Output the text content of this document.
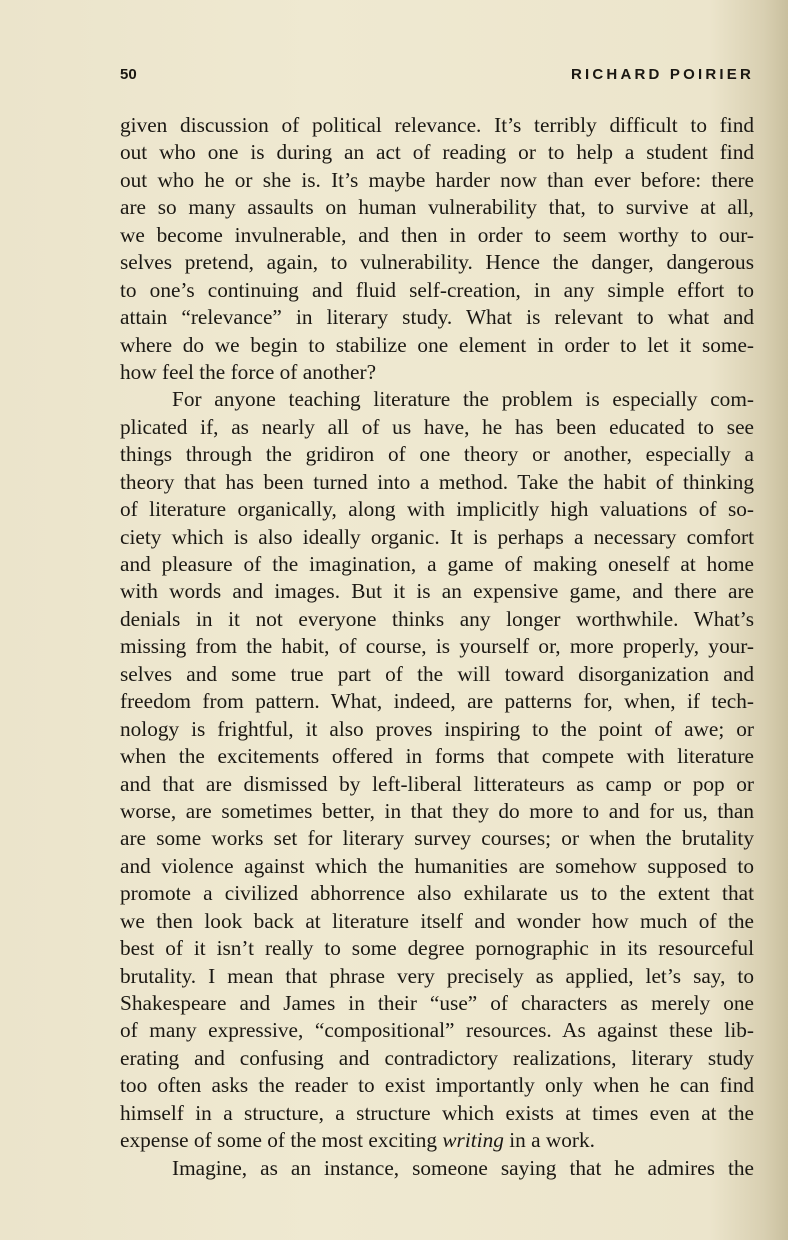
50	RICHARD POIRIER
given discussion of political relevance. It’s terribly difficult to find
out who one is during an act of reading or to help a student find
out who he or she is. It’s maybe harder now than ever before: there
are so many assaults on human vulnerability that, to survive at all,
we become invulnerable, and then in order to seem worthy to our-
selves pretend, again, to vulnerability. Hence the danger, dangerous
to one’s continuing and fluid self-creation, in any simple effort to
attain “relevance” in literary study. What is relevant to what and
where do we begin to stabilize one element in order to let it some-
how feel the force of another?
For anyone teaching literature the problem is especially com-
plicated if, as nearly all of us have, he has been educated to see
things through the gridiron of one theory or another, especially a
theory that has been turned into a method. Take the habit of thinking
of literature organically, along with implicitly high valuations of so-
ciety which is also ideally organic. It is perhaps a necessary comfort
and pleasure of the imagination, a game of making oneself at home
with words and images. But it is an expensive game, and there are
denials in it not everyone thinks any longer worthwhile. What’s
missing from the habit, of course, is yourself or, more properly, your-
selves and some true part of the will toward disorganization and
freedom from pattern. What, indeed, are patterns for, when, if tech-
nology is frightful, it also proves inspiring to the point of awe; or
when the excitements offered in forms that compete with literature
and that are dismissed by left-liberal litterateurs as camp or pop or
worse, are sometimes better, in that they do more to and for us, than
are some works set for literary survey courses; or when the brutality
and violence against which the humanities are somehow supposed to
promote a civilized abhorrence also exhilarate us to the extent that
we then look back at literature itself and wonder how much of the
best of it isn’t really to some degree pornographic in its resourceful
brutality. I mean that phrase very precisely as applied, let’s say, to
Shakespeare and James in their “use” of characters as merely one
of many expressive, “compositional” resources. As against these lib-
erating and confusing and contradictory realizations, literary study
too often asks the reader to exist importantly only when he can find
himself in a structure, a structure which exists at times even at the
expense of some of the most exciting writing in a work.
Imagine, as an instance, someone saying that he admires the
